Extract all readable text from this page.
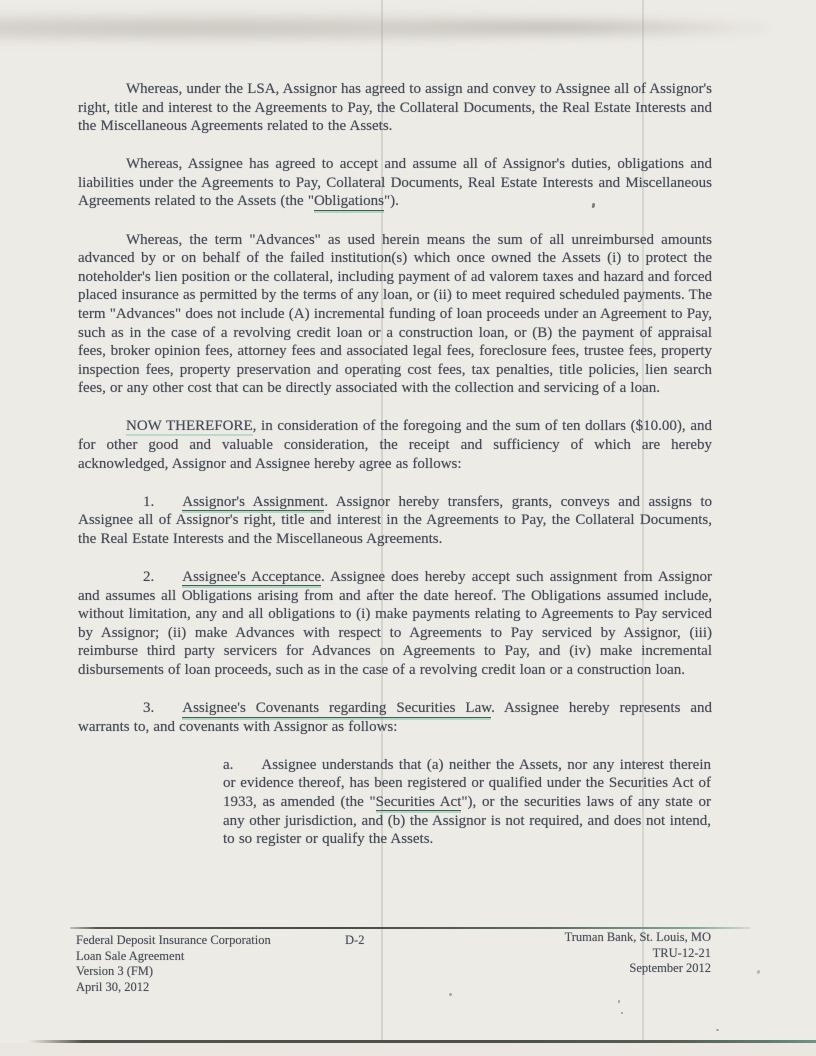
Whereas, under the LSA, Assignor has agreed to assign and convey to Assignee all of Assignor's right, title and interest to the Agreements to Pay, the Collateral Documents, the Real Estate Interests and the Miscellaneous Agreements related to the Assets.

Whereas, Assignee has agreed to accept and assume all of Assignor's duties, obligations and liabilities under the Agreements to Pay, Collateral Documents, Real Estate Interests and Miscellaneous Agreements related to the Assets (the "Obligations").

Whereas, the term "Advances" as used herein means the sum of all unreimbursed amounts advanced by or on behalf of the failed institution(s) which once owned the Assets (i) to protect the noteholder's lien position or the collateral, including payment of ad valorem taxes and hazard and forced placed insurance as permitted by the terms of any loan, or (ii) to meet required scheduled payments. The term "Advances" does not include (A) incremental funding of loan proceeds under an Agreement to Pay, such as in the case of a revolving credit loan or a construction loan, or (B) the payment of appraisal fees, broker opinion fees, attorney fees and associated legal fees, foreclosure fees, trustee fees, property inspection fees, property preservation and operating cost fees, tax penalties, title policies, lien search fees, or any other cost that can be directly associated with the collection and servicing of a loan.

NOW THEREFORE, in consideration of the foregoing and the sum of ten dollars ($10.00), and for other good and valuable consideration, the receipt and sufficiency of which are hereby acknowledged, Assignor and Assignee hereby agree as follows:

1. Assignor's Assignment. Assignor hereby transfers, grants, conveys and assigns to Assignee all of Assignor's right, title and interest in the Agreements to Pay, the Collateral Documents, the Real Estate Interests and the Miscellaneous Agreements.

2. Assignee's Acceptance. Assignee does hereby accept such assignment from Assignor and assumes all Obligations arising from and after the date hereof. The Obligations assumed include, without limitation, any and all obligations to (i) make payments relating to Agreements to Pay serviced by Assignor; (ii) make Advances with respect to Agreements to Pay serviced by Assignor, (iii) reimburse third party servicers for Advances on Agreements to Pay, and (iv) make incremental disbursements of loan proceeds, such as in the case of a revolving credit loan or a construction loan.

3. Assignee's Covenants regarding Securities Law. Assignee hereby represents and warrants to, and covenants with Assignor as follows:

a. Assignee understands that (a) neither the Assets, nor any interest therein or evidence thereof, has been registered or qualified under the Securities Act of 1933, as amended (the "Securities Act"), or the securities laws of any state or any other jurisdiction, and (b) the Assignor is not required, and does not intend, to so register or qualify the Assets.

Federal Deposit Insurance Corporation
Loan Sale Agreement
Version 3 (FM)
April 30, 2012
D-2	Truman Bank, St. Louis, MO
TRU-12-21
September 2012
